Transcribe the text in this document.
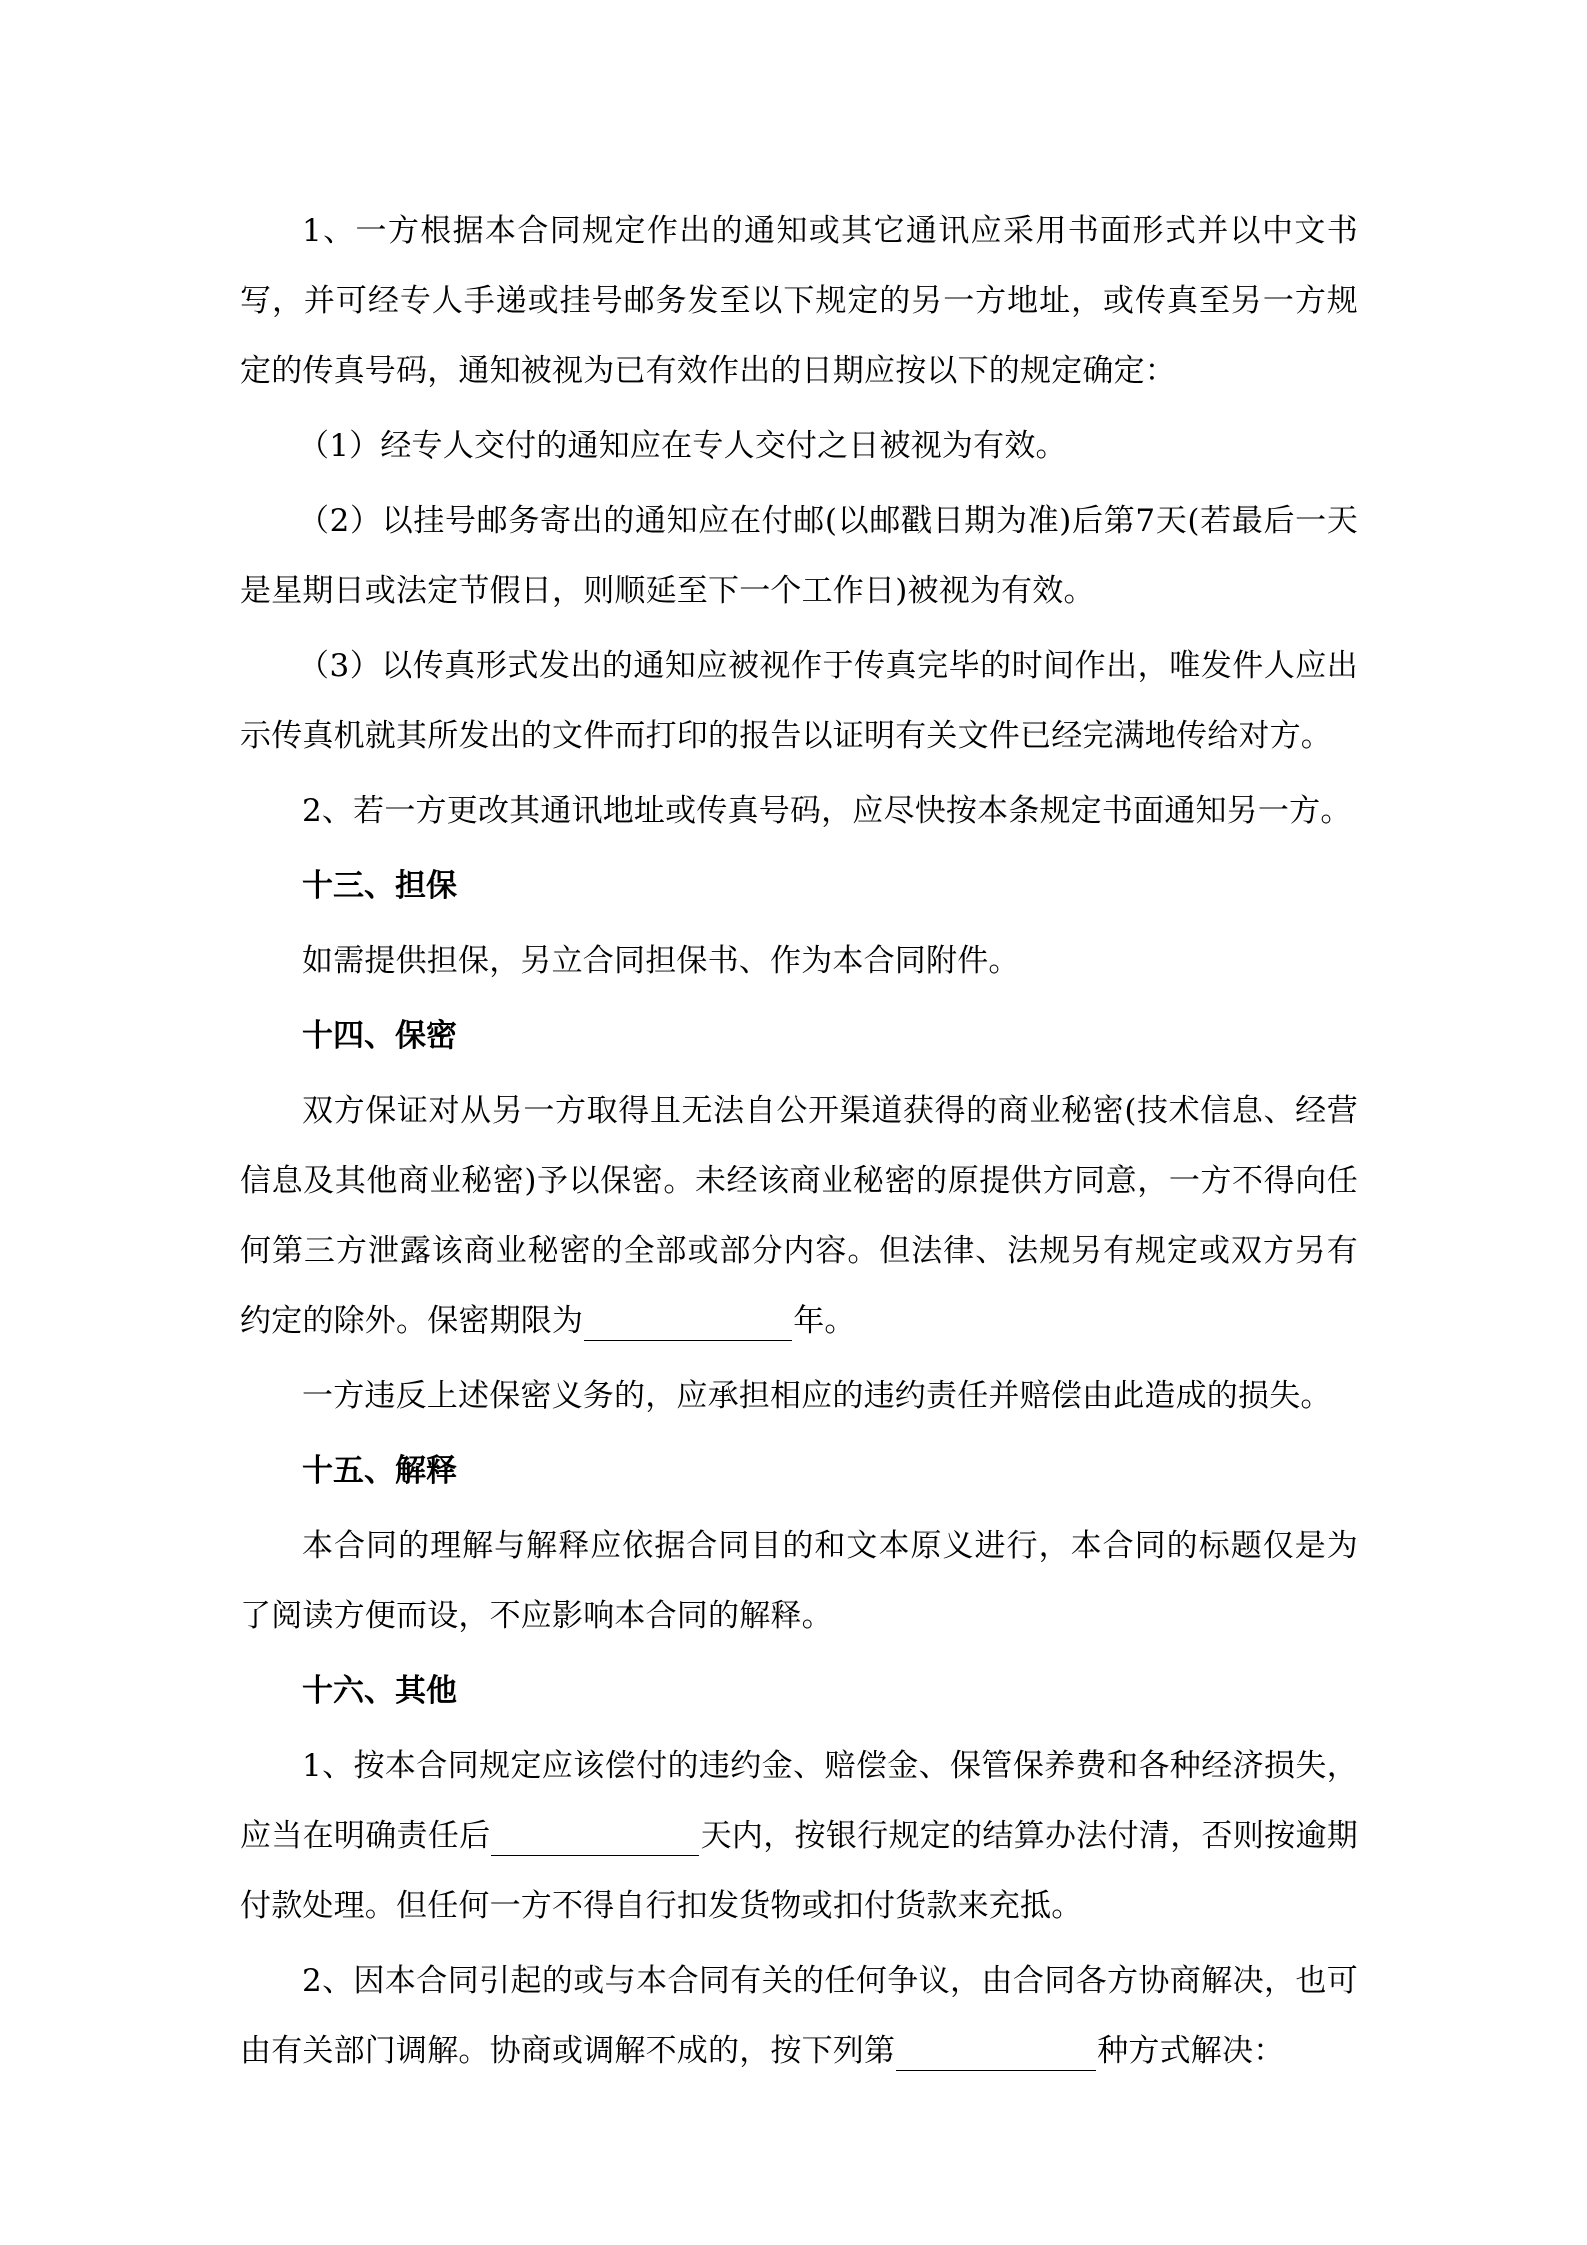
1、一方根据本合同规定作出的通知或其它通讯应采用书面形式并以中文书写，并可经专人手递或挂号邮务发至以下规定的另一方地址，或传真至另一方规定的传真号码，通知被视为已有效作出的日期应按以下的规定确定：

（1）经专人交付的通知应在专人交付之日被视为有效。

（2）以挂号邮务寄出的通知应在付邮(以邮戳日期为准)后第7天(若最后一天是星期日或法定节假日，则顺延至下一个工作日)被视为有效。

（3）以传真形式发出的通知应被视作于传真完毕的时间作出，唯发件人应出示传真机就其所发出的文件而打印的报告以证明有关文件已经完满地传给对方。

2、若一方更改其通讯地址或传真号码，应尽快按本条规定书面通知另一方。

十三、担保

如需提供担保，另立合同担保书、作为本合同附件。

十四、保密

双方保证对从另一方取得且无法自公开渠道获得的商业秘密(技术信息、经营信息及其他商业秘密)予以保密。未经该商业秘密的原提供方同意，一方不得向任何第三方泄露该商业秘密的全部或部分内容。但法律、法规另有规定或双方另有约定的除外。保密期限为	年。

一方违反上述保密义务的，应承担相应的违约责任并赔偿由此造成的损失。

十五、解释

本合同的理解与解释应依据合同目的和文本原义进行，本合同的标题仅是为了阅读方便而设，不应影响本合同的解释。

十六、其他

1、按本合同规定应该偿付的违约金、赔偿金、保管保养费和各种经济损失，应当在明确责任后	天内，按银行规定的结算办法付清，否则按逾期付款处理。但任何一方不得自行扣发货物或扣付货款来充抵。

2、因本合同引起的或与本合同有关的任何争议，由合同各方协商解决，也可由有关部门调解。协商或调解不成的，按下列第	种方式解决：
